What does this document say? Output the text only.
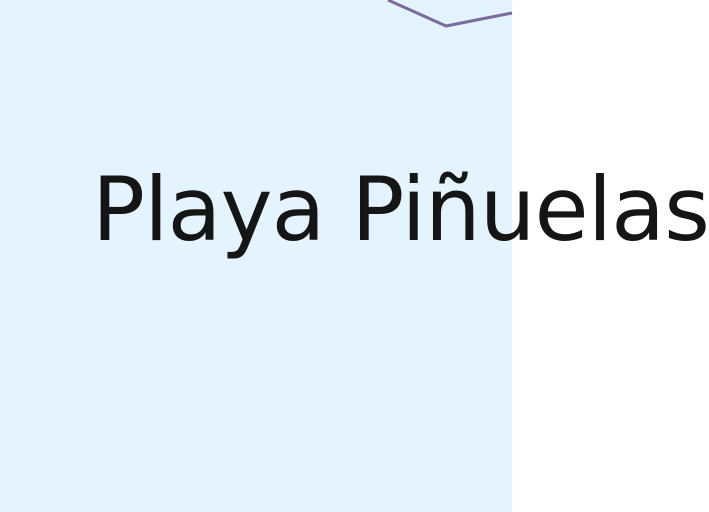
Playa Piñuelas
